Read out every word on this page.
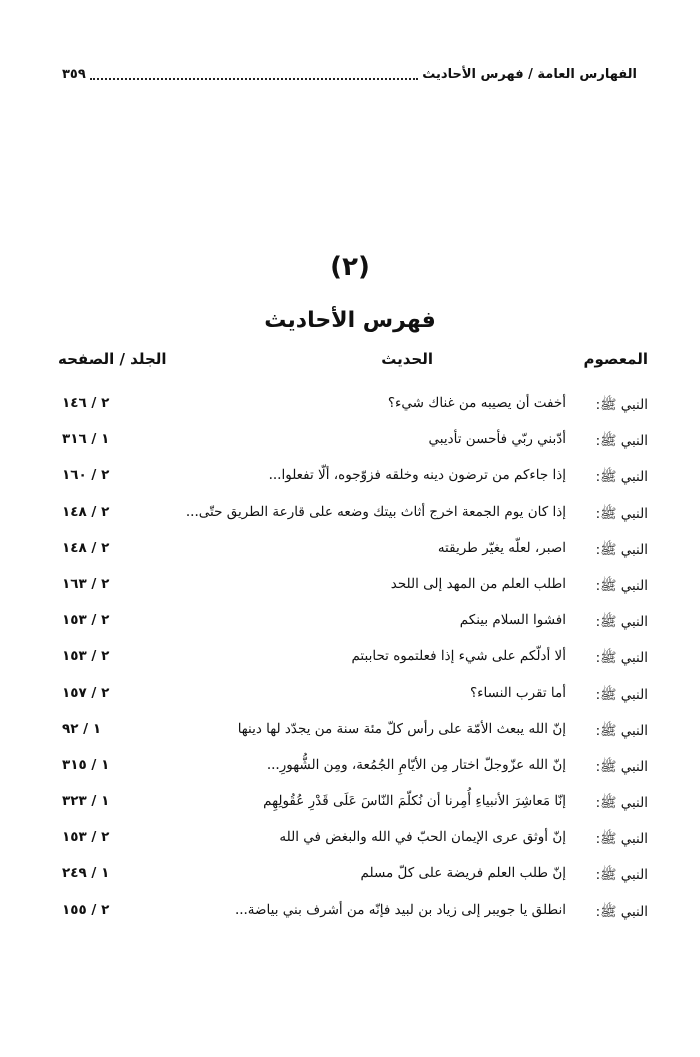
الفهارس العامة / فهرس الأحاديث
٣٥٩
(٢)
فهرس الأحاديث
المعصوم
الحديث
الجلد / الصفحه
النبي ﷺ:
أخفت أن يصيبه من غناك شيء؟
٢ / ١٤٦
النبي ﷺ:
أدّبني ربّي فأحسن تأديبي
١ / ٣١٦
النبي ﷺ:
إذا جاءكم من ترضون دينه وخلقه فزوّجوه، ألّا تفعلوا...
٢ / ١٦٠
النبي ﷺ:
إذا كان يوم الجمعة اخرج أثاث بيتك وضعه على قارعة الطريق حتّى...
٢ / ١٤٨
النبي ﷺ:
اصبر، لعلّه يغيّر طريقته
٢ / ١٤٨
النبي ﷺ:
اطلب العلم من المهد إلى اللحد
٢ / ١٦٣
النبي ﷺ:
افشوا السلام بينكم
٢ / ١٥٣
النبي ﷺ:
ألا أدلّكم على شيء إذا فعلتموه تحاببتم
٢ / ١٥٣
النبي ﷺ:
أما تقرب النساء؟
٢ / ١٥٧
النبي ﷺ:
إنّ الله يبعث الأمّة على رأس كلّ مئة سنة من يجدّد لها دينها
١ / ٩٢
النبي ﷺ:
إنّ الله عزّوجلّ اختار مِن الأيّامِ الجُمُعة، ومِن الشُّهورِ...
١ / ٣١٥
النبي ﷺ:
إنّا مَعاشِرَ الأنبياءِ أُمِرنا أن نُكلّمَ النّاسَ عَلَى قَدْرِ عُقُولِهِم
١ / ٣٢٣
النبي ﷺ:
إنّ أوثق عرى الإيمان الحبّ في الله والبغض في الله
٢ / ١٥٣
النبي ﷺ:
إنّ طلب العلم فريضة على كلّ مسلم
١ / ٢٤٩
النبي ﷺ:
انطلق يا جويبر إلى زياد بن لبيد فإنّه من أشرف بني بياضة...
٢ / ١٥٥
